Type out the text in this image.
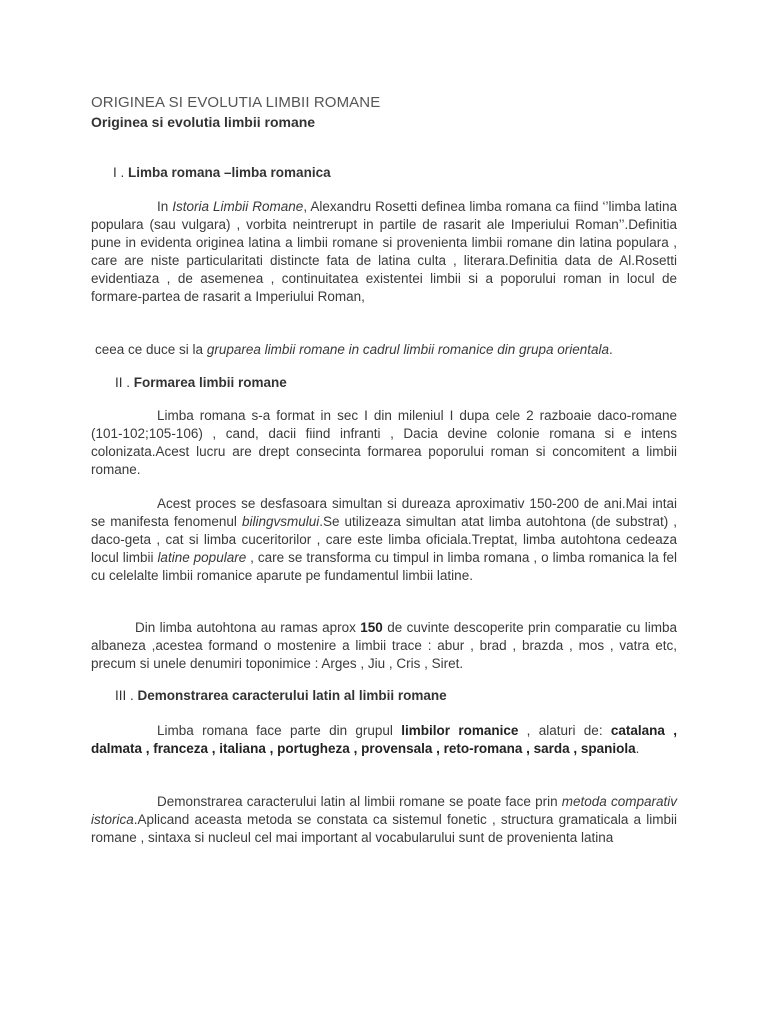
ORIGINEA SI EVOLUTIA LIMBII ROMANE
Originea si evolutia limbii romane
I . Limba romana –limba romanica
In Istoria Limbii Romane, Alexandru Rosetti definea limba romana ca fiind ‘’limba latina populara (sau vulgara) , vorbita neintrerupt in partile de rasarit ale Imperiului Roman’’.Definitia pune in evidenta originea latina a limbii romane si provenienta limbii romane din latina populara , care are niste particularitati distincte fata de latina culta , literara.Definitia data de Al.Rosetti evidentiaza , de asemenea , continuitatea existentei limbii si a poporului roman in locul de formare-partea de rasarit a Imperiului Roman,
ceea ce duce si la gruparea limbii romane in cadrul limbii romanice din grupa orientala.
II . Formarea limbii romane
Limba romana s-a format in sec I din mileniul I dupa cele 2 razboaie daco-romane (101-102;105-106) , cand, dacii fiind infranti , Dacia devine colonie romana si e intens colonizata.Acest lucru are drept consecinta formarea poporului roman si concomitent a limbii romane.
Acest proces se desfasoara simultan si dureaza aproximativ 150-200 de ani.Mai intai se manifesta fenomenul bilingvsmului.Se utilizeaza simultan atat limba autohtona (de substrat) , daco-geta , cat si limba cuceritorilor , care este limba oficiala.Treptat, limba autohtona cedeaza locul limbii latine populare , care se transforma cu timpul in limba romana , o limba romanica la fel cu celelalte limbii romanice aparute pe fundamentul limbii latine.
Din limba autohtona au ramas aprox 150 de cuvinte descoperite prin comparatie cu limba albaneza ,acestea formand o mostenire a limbii trace : abur , brad , brazda , mos , vatra etc, precum si unele denumiri toponimice : Arges , Jiu , Cris , Siret.
III . Demonstrarea caracterului latin al limbii romane
Limba romana face parte din grupul limbilor romanice , alaturi de: catalana , dalmata , franceza , italiana , portugheza , provensala , reto-romana , sarda , spaniola.
Demonstrarea caracterului latin al limbii romane se poate face prin metoda comparativ istorica.Aplicand aceasta metoda se constata ca sistemul fonetic , structura gramaticala a limbii romane , sintaxa si nucleul cel mai important al vocabularului sunt de provenienta latina
